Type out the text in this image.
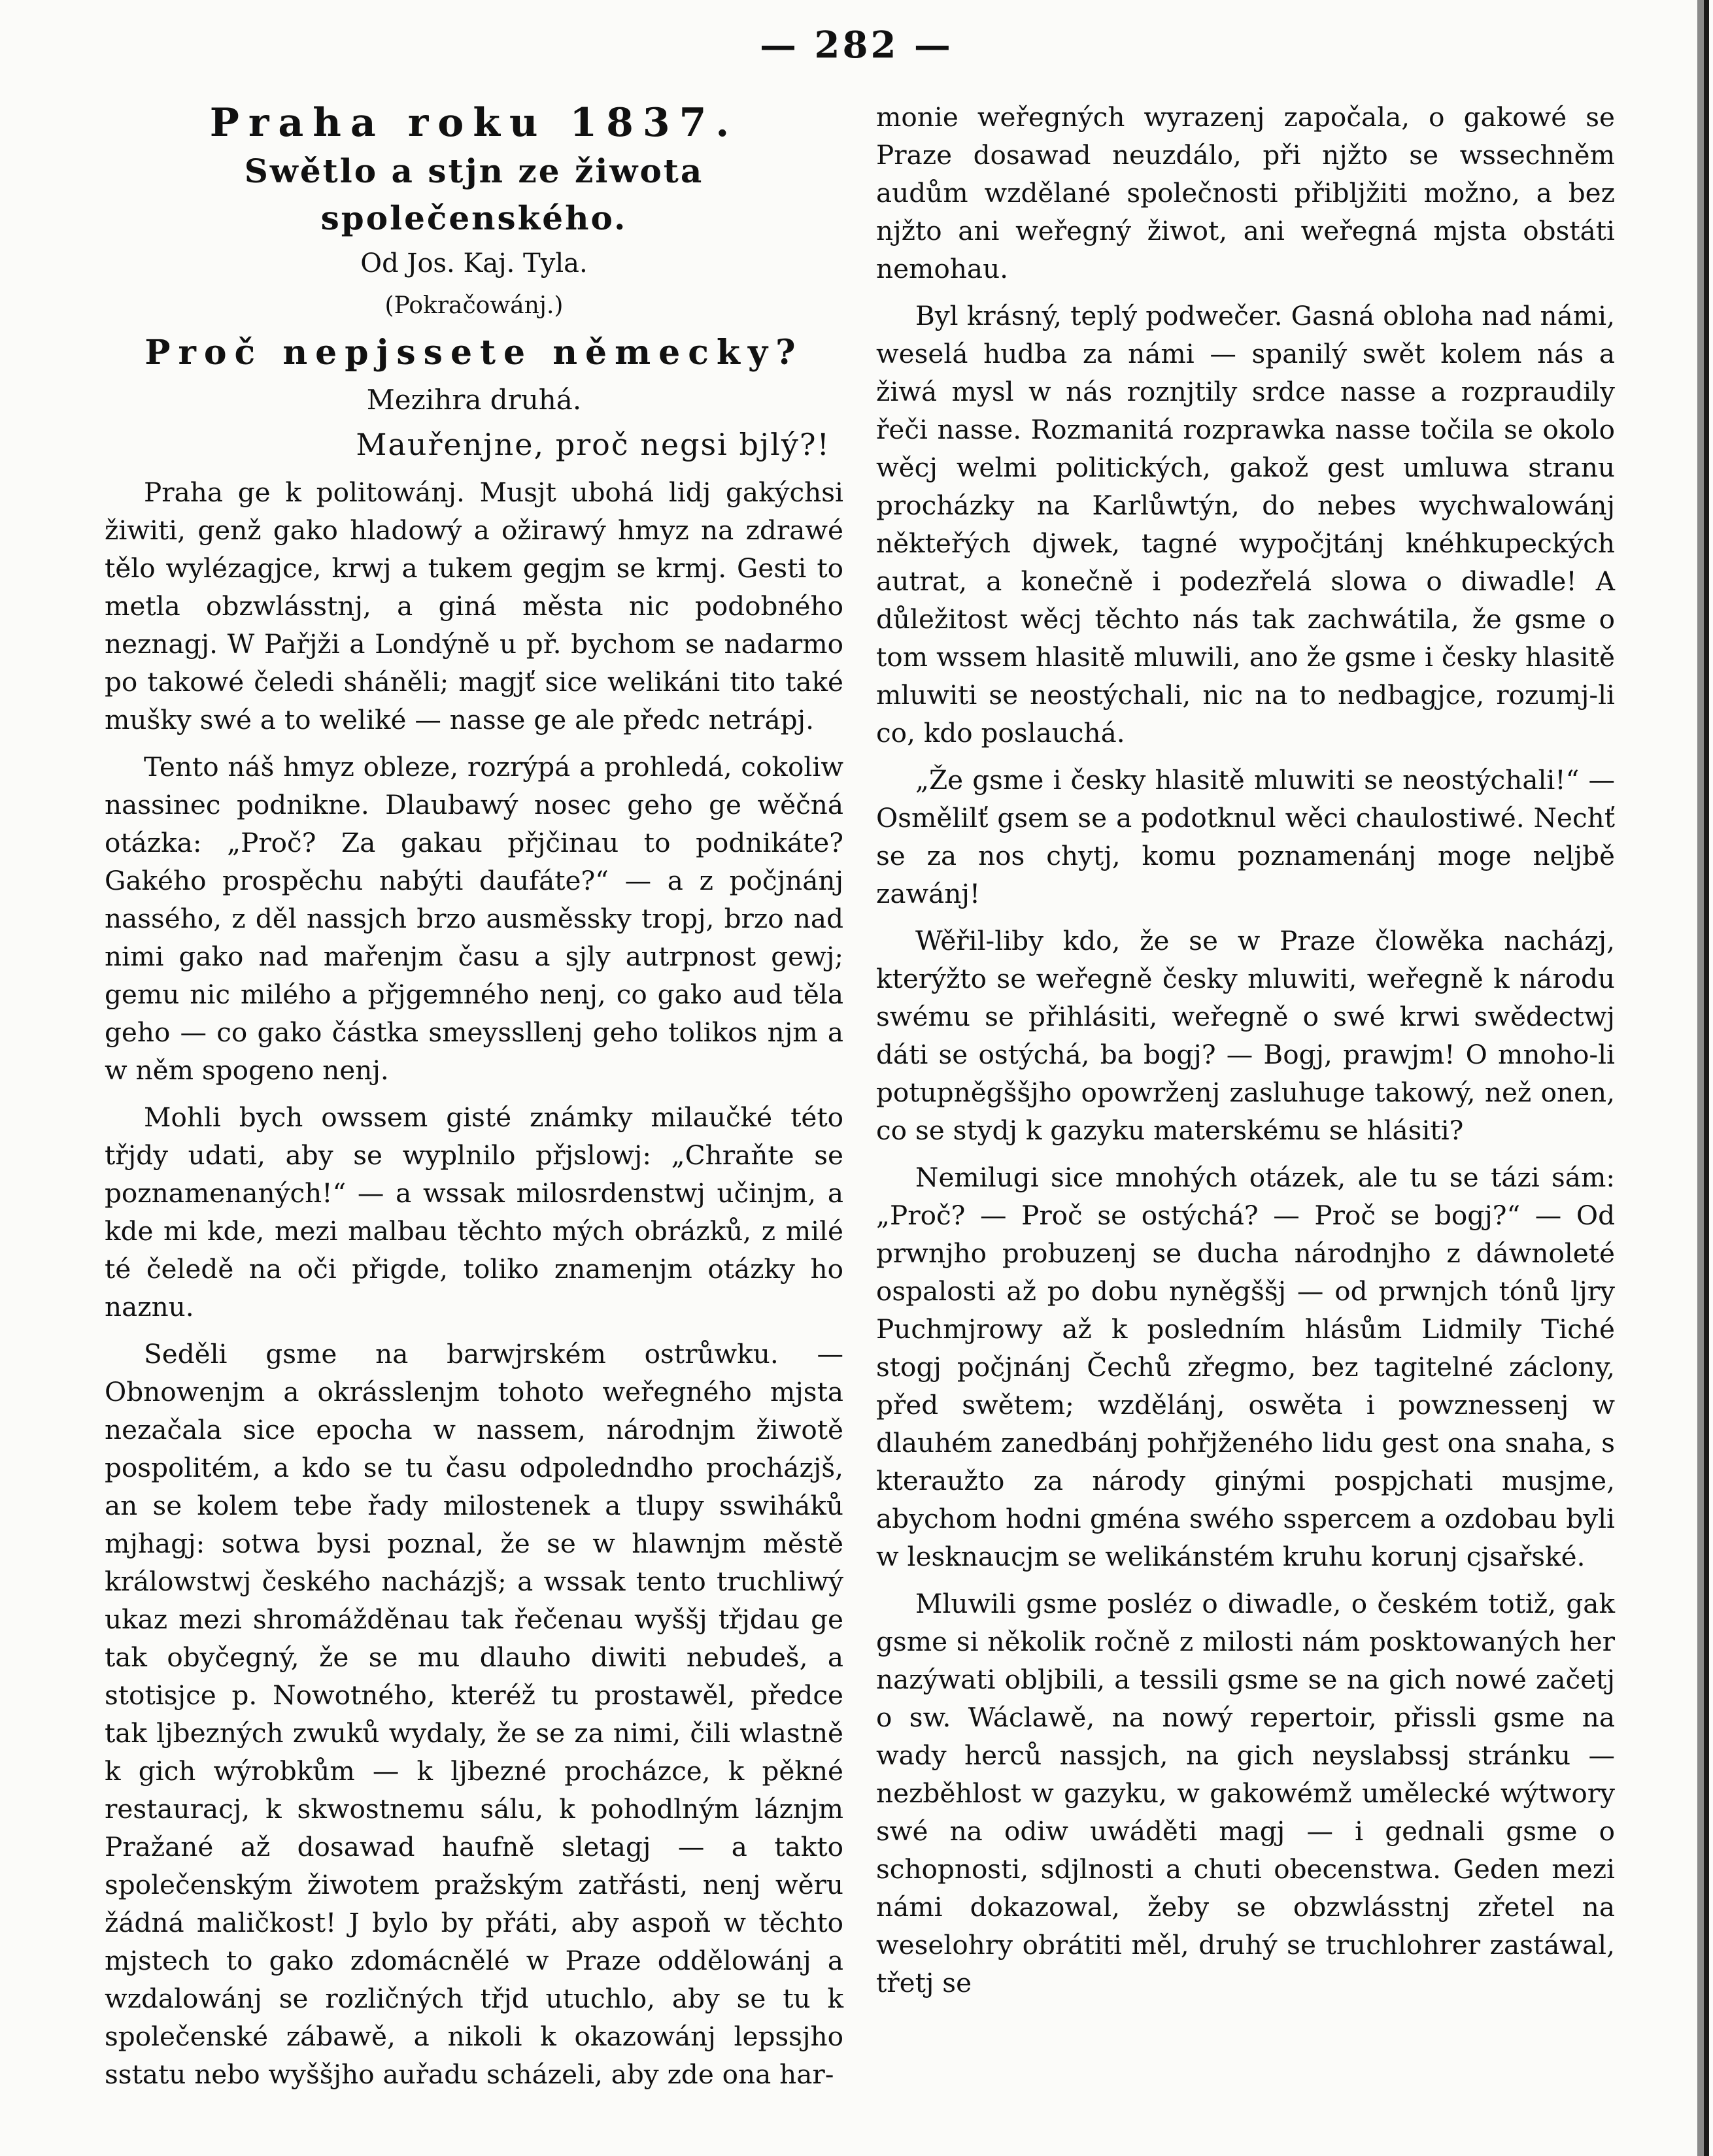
— 282 —
Praha roku 1837.
Swětlo a stjn ze žiwota společenského.
Od Jos. Kaj. Tyla.
(Pokračowánj.)
Proč nepjssete německy?
Mezihra druhá.
Mauřenjne, proč negsi bjlý?!

Praha ge k politowánj. Musjt ubohá lidj gakýchsi žiwiti, genž gako hladowý a ožirawý hmyz na zdrawé tělo wylézagjce, krwj a tukem gegjm se krmj. Gesti to metla obzwlásstnj, a giná města nic podobného neznagj. W Pařjži a Londýně u př. bychom se nadarmo po takowé čeledi sháněli; magjť sice welikáni tito také mušky swé a to weliké — nasse ge ale předc netrápj.

Tento náš hmyz obleze, rozrýpá a prohledá, cokoliw nassinec podnikne. Dlaubawý nosec geho ge wěčná otázka: „Proč? Za gakau přjčinau to podnikáte? Gakého prospěchu nabýti daufáte?“ — a z počjnánj nassého, z děl nassjch brzo ausměssky tropj, brzo nad nimi gako nad mařenjm času a sjly autrpnost gewj; gemu nic milého a přjgemného nenj, co gako aud těla geho — co gako částka smeyssllenj geho tolikos njm a w něm spogeno nenj.

Mohli bych owssem gisté známky milaučké této třjdy udati, aby se wyplnilo přjslowj: „Chraňte se poznamenaných!“ — a wssak milosrdenstwj učinjm, a kde mi kde, mezi malbau těchto mých obrázků, z milé té čeledě na oči přigde, toliko znamenjm otázky ho naznu.

Seděli gsme na barwjrském ostrůwku. — Obnowenjm a okrásslenjm tohoto weřegného mjsta nezačala sice epocha w nassem, národnjm žiwotě pospolitém, a kdo se tu času odpoledndho procházjš, an se kolem tebe řady milostenek a tlupy sswiháků mjhagj: sotwa bysi poznal, že se w hlawnjm městě králowstwj českého nacházjš; a wssak tento truchliwý ukaz mezi shromážděnau tak řečenau wyššj třjdau ge tak obyčegný, že se mu dlauho diwiti nebudeš, a stotisjce p. Nowotného, kteréž tu prostawěl, předce tak ljbezných zwuků wydaly, že se za nimi, čili wlastně k gich wýrobkům — k ljbezné procházce, k pěkné restauracj, k skwostnemu sálu, k pohodlným láznjm Pražané až dosawad haufně sletagj — a takto společenským žiwotem pražským zatřásti, nenj wěru žádná maličkost! J bylo by přáti, aby aspoň w těchto mjstech to gako zdomácnělé w Praze oddělowánj a wzdalowánj se rozličných třjd utuchlo, aby se tu k společenské zábawě, a nikoli k okazowánj lepssjho sstatu nebo wyššjho auřadu scházeli, aby zde ona har-

monie weřegných wyrazenj započala, o gakowé se Praze dosawad neuzdálo, při njžto se wssechněm audům wzdělané společnosti přibljžiti možno, a bez njžto ani weřegný žiwot, ani weřegná mjsta obstáti nemohau.

Byl krásný, teplý podwečer. Gasná obloha nad námi, weselá hudba za námi — spanilý swět kolem nás a žiwá mysl w nás roznjtily srdce nasse a rozpraudily řeči nasse. Rozmanitá rozprawka nasse točila se okolo wěcj welmi politických, gakož gest umluwa stranu procházky na Karlůwtýn, do nebes wychwalowánj někteřých djwek, tagné wypočjtánj knéhkupeckých autrat, a konečně i podezřelá slowa o diwadle! A důležitost wěcj těchto nás tak zachwátila, že gsme o tom wssem hlasitě mluwili, ano že gsme i česky hlasitě mluwiti se neostýchali, nic na to nedbagjce, rozumj-li co, kdo poslauchá.

„Že gsme i česky hlasitě mluwiti se neostýchali!“ — Osmělilť gsem se a podotknul wěci chaulostiwé. Nechť se za nos chytj, komu poznamenánj moge neljbě zawánj!

Wěřil-liby kdo, že se w Praze člowěka nacházj, kterýžto se weřegně česky mluwiti, weřegně k národu swému se přihlásiti, weřegně o swé krwi swědectwj dáti se ostýchá, ba bogj? — Bogj, prawjm! O mnoho-li potupněgššjho opowrženj zasluhuge takowý, než onen, co se stydj k gazyku materskému se hlásiti?

Nemilugi sice mnohých otázek, ale tu se tázi sám: „Proč? — Proč se ostýchá? — Proč se bogj?“ — Od prwnjho probuzenj se ducha národnjho z dáwnoleté ospalosti až po dobu nyněgššj — od prwnjch tónů ljry Puchmjrowy až k posledním hlásům Lidmily Tiché stogj počjnánj Čechů zřegmo, bez tagitelné záclony, před swětem; wzdělánj, oswěta i powznessenj w dlauhém zanedbánj pohřjženého lidu gest ona snaha, s kteraužto za národy ginými pospjchati musjme, abychom hodni gména swého sspercem a ozdobau byli w lesknaucjm se welikánstém kruhu korunj cjsařské.

Mluwili gsme posléz o diwadle, o českém totiž, gak gsme si několik ročně z milosti nám posktowaných her nazýwati obljbili, a tessili gsme se na gich nowé začetj o sw. Wáclawě, na nowý repertoir, přissli gsme na wady herců nassjch, na gich neyslabssj stránku — nezběhlost w gazyku, w gakowémž umělecké wýtwory swé na odiw uwáděti magj — i gednali gsme o schopnosti, sdjlnosti a chuti obecenstwa. Geden mezi námi dokazowal, žeby se obzwlásstnj zřetel na weselohry obrátiti měl, druhý se truchlohrer zastáwal, třetj se
